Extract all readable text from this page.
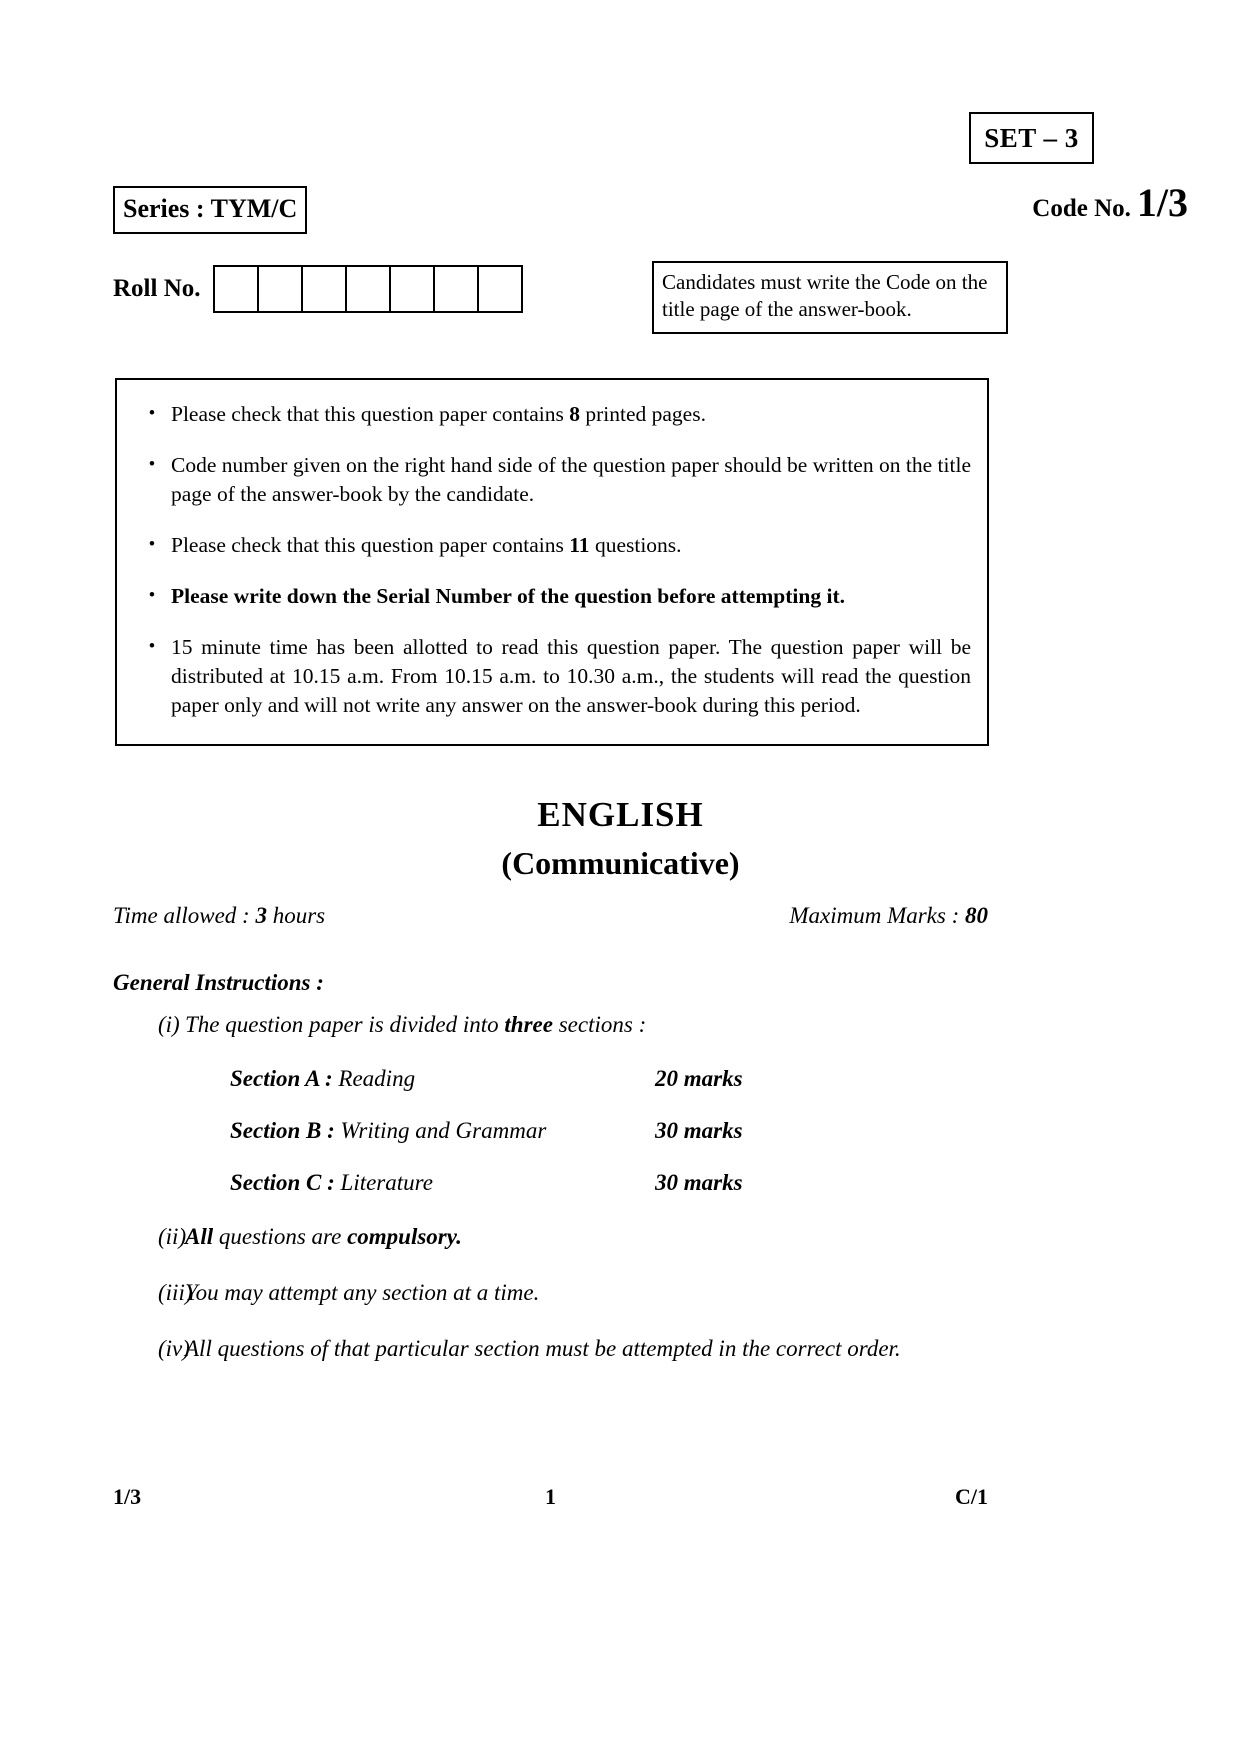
SET – 3
Series : TYM/C	Code No. 1/3
Roll No.	Candidates must write the Code on the title page of the answer-book.
• Please check that this question paper contains 8 printed pages.
• Code number given on the right hand side of the question paper should be written on the title page of the answer-book by the candidate.
• Please check that this question paper contains 11 questions.
• Please write down the Serial Number of the question before attempting it.
• 15 minute time has been allotted to read this question paper. The question paper will be distributed at 10.15 a.m. From 10.15 a.m. to 10.30 a.m., the students will read the question paper only and will not write any answer on the answer-book during this period.
ENGLISH
(Communicative)
Time allowed : 3 hours	Maximum Marks : 80
General Instructions :
(i) The question paper is divided into three sections :
Section A : Reading	20 marks
Section B : Writing and Grammar	30 marks
Section C : Literature	30 marks
(ii)
All questions are compulsory.
(iii)
You may attempt any section at a time.
(iv)
All questions of that particular section must be attempted in the correct order.
1/3	1	C/1
